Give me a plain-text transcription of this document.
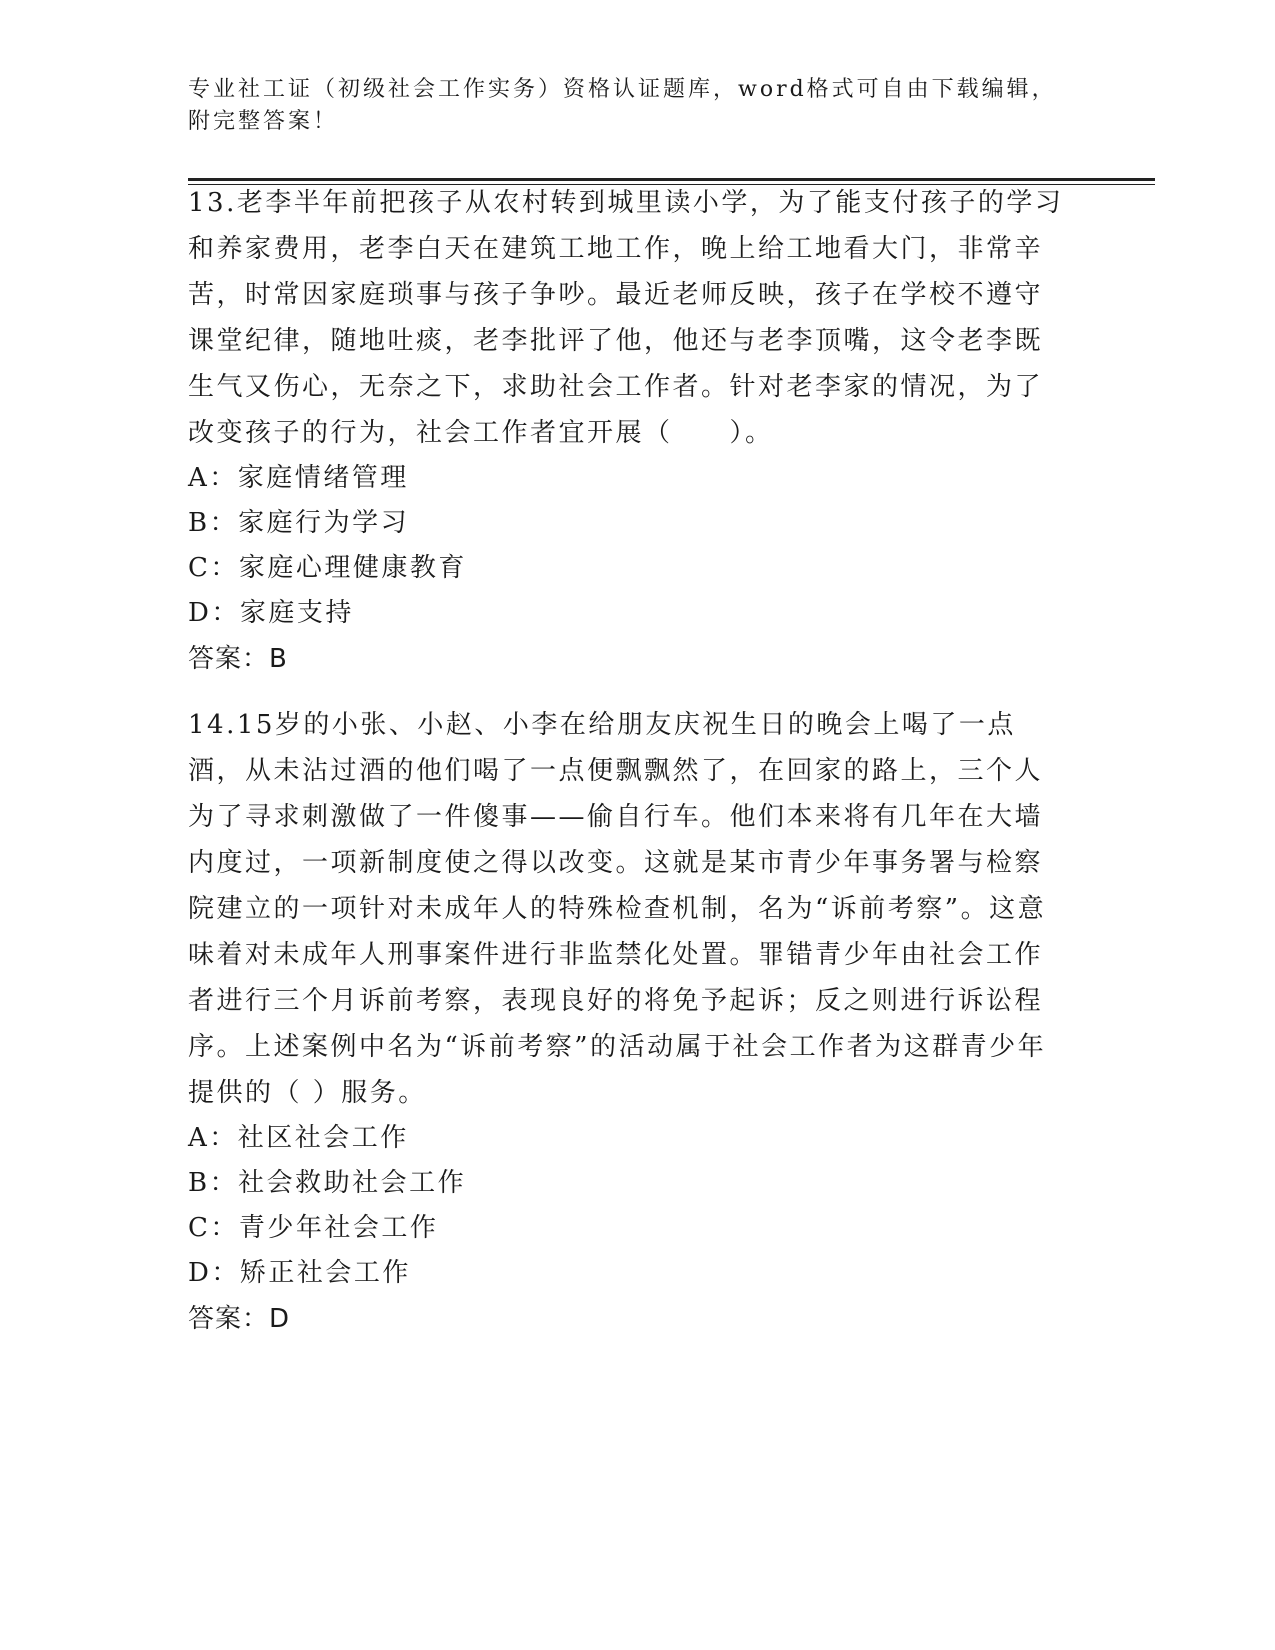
专业社工证（初级社会工作实务）资格认证题库，word格式可自由下载编辑，附完整答案！

13.老李半年前把孩子从农村转到城里读小学，为了能支付孩子的学习和养家费用，老李白天在建筑工地工作，晚上给工地看大门，非常辛苦，时常因家庭琐事与孩子争吵。最近老师反映，孩子在学校不遵守课堂纪律，随地吐痰，老李批评了他，他还与老李顶嘴，这令老李既生气又伤心，无奈之下，求助社会工作者。针对老李家的情况，为了改变孩子的行为，社会工作者宜开展（　　）。

A：家庭情绪管理

B：家庭行为学习

C：家庭心理健康教育

D：家庭支持

答案：B

14.15岁的小张、小赵、小李在给朋友庆祝生日的晚会上喝了一点酒，从未沾过酒的他们喝了一点便飘飘然了，在回家的路上，三个人为了寻求刺激做了一件傻事——偷自行车。他们本来将有几年在大墙内度过，一项新制度使之得以改变。这就是某市青少年事务署与检察院建立的一项针对未成年人的特殊检查机制，名为“诉前考察”。这意味着对未成年人刑事案件进行非监禁化处置。罪错青少年由社会工作者进行三个月诉前考察，表现良好的将免予起诉；反之则进行诉讼程序。上述案例中名为“诉前考察”的活动属于社会工作者为这群青少年提供的（ ）服务。

A：社区社会工作

B：社会救助社会工作

C：青少年社会工作

D：矫正社会工作

答案：D
